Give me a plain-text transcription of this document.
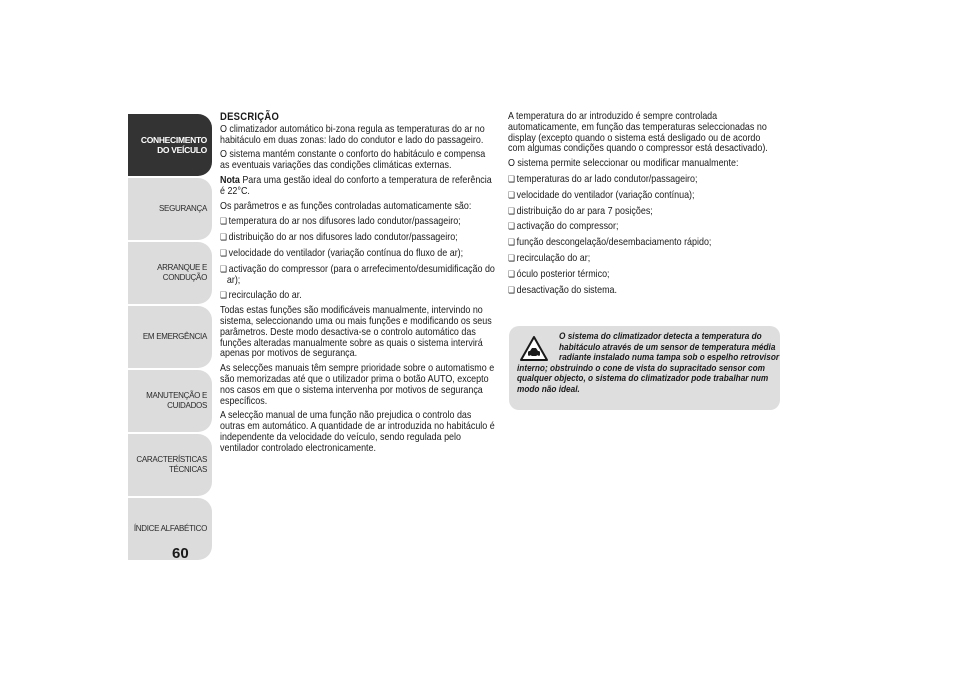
CONHECIMENTO
DO VEÍCULO
SEGURANÇA
ARRANQUE E
CONDUÇÃO
EM EMERGÊNCIA
MANUTENÇÃO E
CUIDADOS
CARACTERÍSTICAS
TÉCNICAS
ÍNDICE ALFABÉTICO
60

DESCRIÇÃO

O climatizador automático bi-zona regula as temperaturas do ar no habitáculo em duas zonas: lado do condutor e lado do passageiro.

O sistema mantém constante o conforto do habitáculo e compensa as eventuais variações das condições climáticas externas.

Nota Para uma gestão ideal do conforto a temperatura de referência é 22°C.

Os parâmetros e as funções controladas automaticamente são:

❏ temperatura do ar nos difusores lado condutor/passageiro;

❏ distribuição do ar nos difusores lado condutor/passageiro;

❏ velocidade do ventilador (variação contínua do fluxo de ar);

❏ activação do compressor (para o arrefecimento/desumidificação do ar);

❏ recirculação do ar.

Todas estas funções são modificáveis manualmente, intervindo no sistema, seleccionando uma ou mais funções e modificando os seus parâmetros. Deste modo desactiva-se o controlo automático das funções alteradas manualmente sobre as quais o sistema intervirá apenas por motivos de segurança.

As selecções manuais têm sempre prioridade sobre o automatismo e são memorizadas até que o utilizador prima o botão AUTO, excepto nos casos em que o sistema intervenha por motivos de segurança específicos.

A selecção manual de uma função não prejudica o controlo das outras em automático. A quantidade de ar introduzida no habitáculo é independente da velocidade do veículo, sendo regulada pelo ventilador controlado electronicamente.

A temperatura do ar introduzido é sempre controlada automaticamente, em função das temperaturas seleccionadas no display (excepto quando o sistema está desligado ou de acordo com algumas condições quando o compressor está desactivado).

O sistema permite seleccionar ou modificar manualmente:

❏ temperaturas do ar lado condutor/passageiro;

❏ velocidade do ventilador (variação contínua);

❏ distribuição do ar para 7 posições;

❏ activação do compressor;

❏ função descongelação/desembaciamento rápido;

❏ recirculação do ar;

❏ óculo posterior térmico;

❏ desactivação do sistema.

O sistema do climatizador detecta a temperatura do habitáculo através de um sensor de temperatura média radiante instalado numa tampa sob o espelho retrovisor
interno; obstruindo o cone de vista do supracitado sensor com qualquer objecto, o sistema do climatizador pode trabalhar num modo não ideal.
